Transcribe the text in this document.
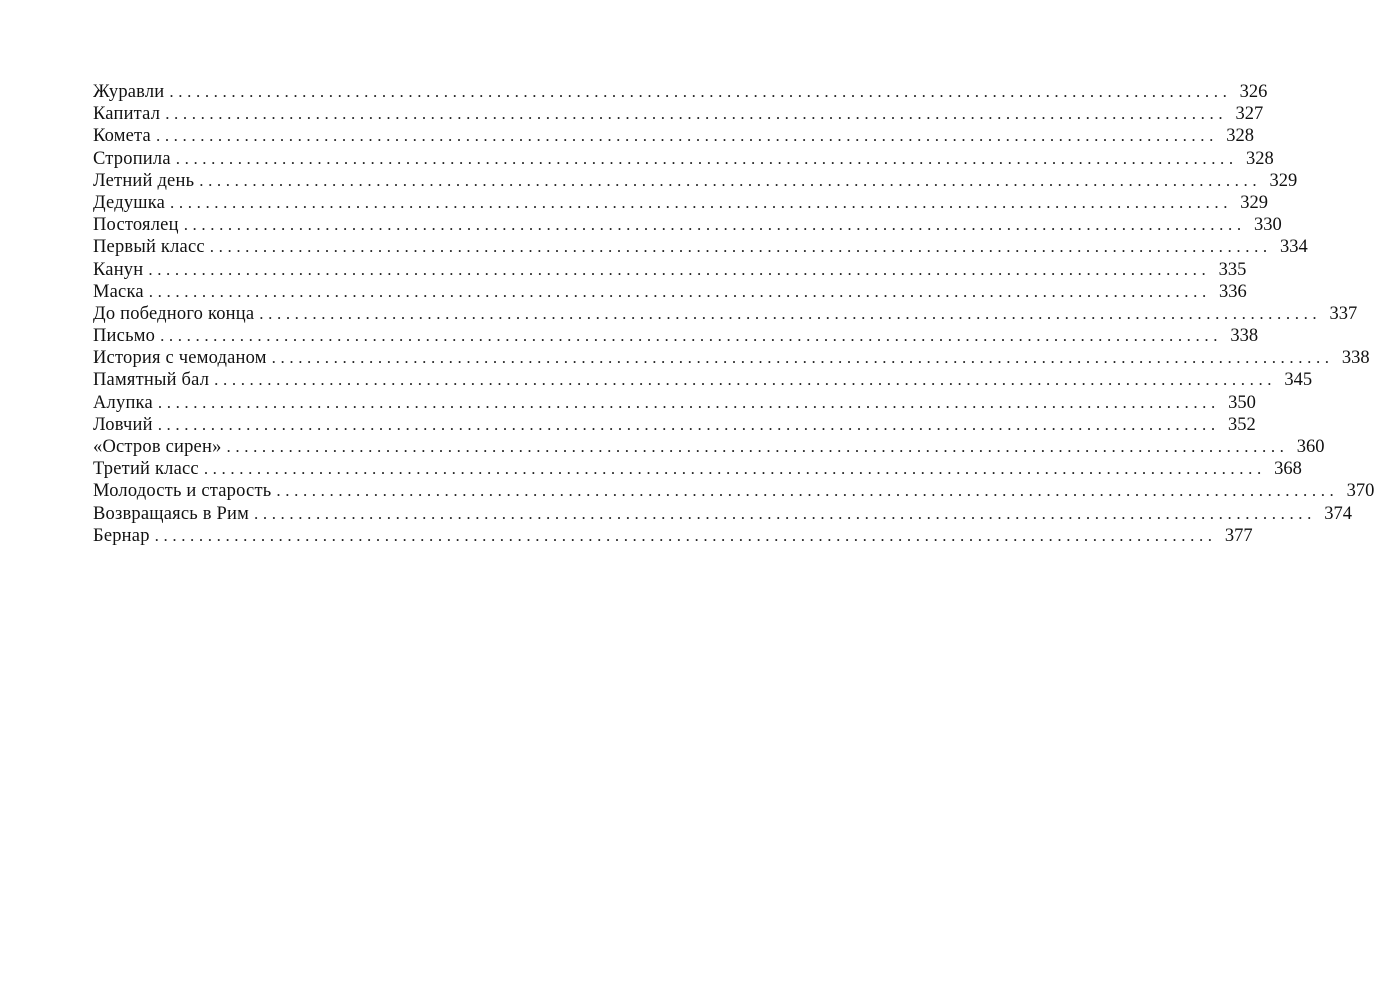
Журавли ........................................................................................................................ 326
Капитал ........................................................................................................................ 327
Комета ........................................................................................................................ 328
Стропила ........................................................................................................................ 328
Летний день ........................................................................................................................ 329
Дедушка ........................................................................................................................ 329
Постоялец ........................................................................................................................ 330
Первый класс ........................................................................................................................ 334
Канун ........................................................................................................................ 335
Маска ........................................................................................................................ 336
До победного конца ........................................................................................................................ 337
Письмо ........................................................................................................................ 338
История с чемоданом ........................................................................................................................ 338
Памятный бал ........................................................................................................................ 345
Алупка ........................................................................................................................ 350
Ловчий ........................................................................................................................ 352
«Остров сирен» ........................................................................................................................ 360
Третий класс ........................................................................................................................ 368
Молодость и старость ........................................................................................................................ 370
Возвращаясь в Рим ........................................................................................................................ 374
Бернар ........................................................................................................................ 377
